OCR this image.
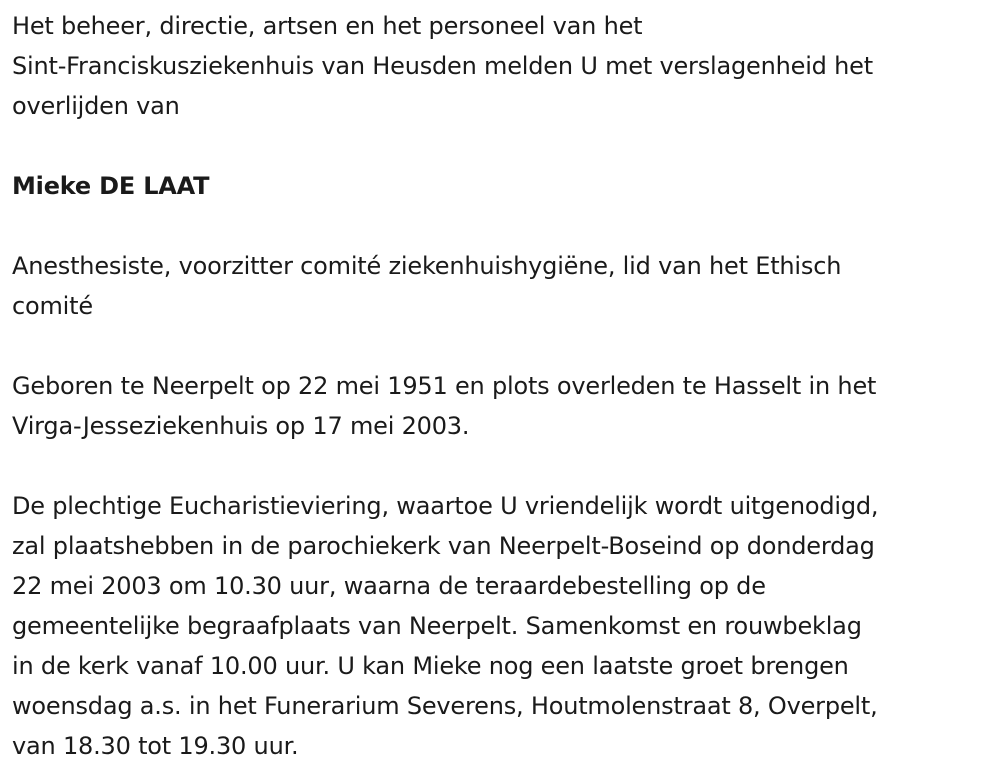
Het beheer, directie, artsen en het personeel van het
Sint-Franciskusziekenhuis van Heusden melden U met verslagenheid het
overlijden van

Mieke DE LAAT

Anesthesiste, voorzitter comité ziekenhuishygiëne, lid van het Ethisch
comité

Geboren te Neerpelt op 22 mei 1951 en plots overleden te Hasselt in het
Virga-Jesseziekenhuis op 17 mei 2003.

De plechtige Eucharistieviering, waartoe U vriendelijk wordt uitgenodigd,
zal plaatshebben in de parochiekerk van Neerpelt-Boseind op donderdag
22 mei 2003 om 10.30 uur, waarna de teraardebestelling op de
gemeentelijke begraafplaats van Neerpelt. Samenkomst en rouwbeklag
in de kerk vanaf 10.00 uur. U kan Mieke nog een laatste groet brengen
woensdag a.s. in het Funerarium Severens, Houtmolenstraat 8, Overpelt,
van 18.30 tot 19.30 uur.
